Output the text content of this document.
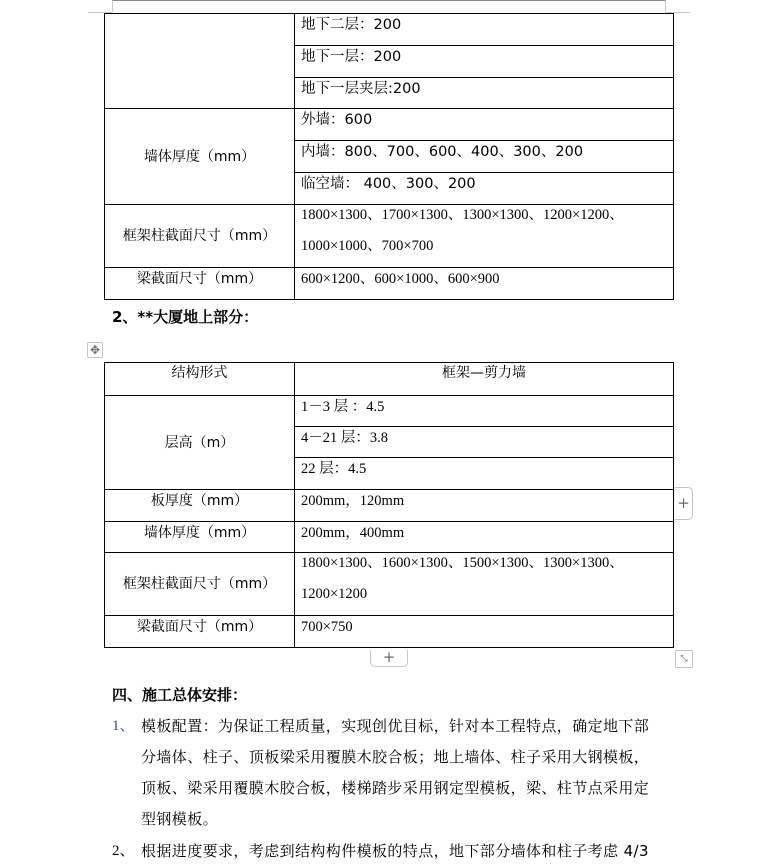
	地下二层：200
	地下一层：200
	地下一层夹层:200
墙体厚度（mm）	外墙：600
	内墙：800、700、600、400、300、200
	临空墙： 400、300、200
框架柱截面尺寸（mm）	1800×1300、1700×1300、1300×1300、1200×1200、
1000×1000、700×700

梁截面尺寸（mm）	600×1200、600×1000、600×900
2、**大厦地上部分：
✥
结构形式	框架—剪力墙
层高（m）	1－3 层 ：4.5
	4－21 层：3.8
	22 层：4.5
板厚度（mm）	200mm，120mm
墙体厚度（mm）	200mm，400mm
框架柱截面尺寸（mm）	1800×1300、1600×1300、1500×1300、1300×1300、
1200×1200

梁截面尺寸（mm）	700×750
+
+	⤡
四、施工总体安排：
1、 模板配置：为保证工程质量，实现创优目标，针对本工程特点，确定地下部
分墙体、柱子、顶板梁采用覆膜木胶合板；地上墙体、柱子采用大钢模板，
顶板、梁采用覆膜木胶合板，楼梯踏步采用钢定型模板，梁、柱节点采用定
型钢模板。
2、 根据进度要求，考虑到结构构件模板的特点，地下部分墙体和柱子考虑 4/3
